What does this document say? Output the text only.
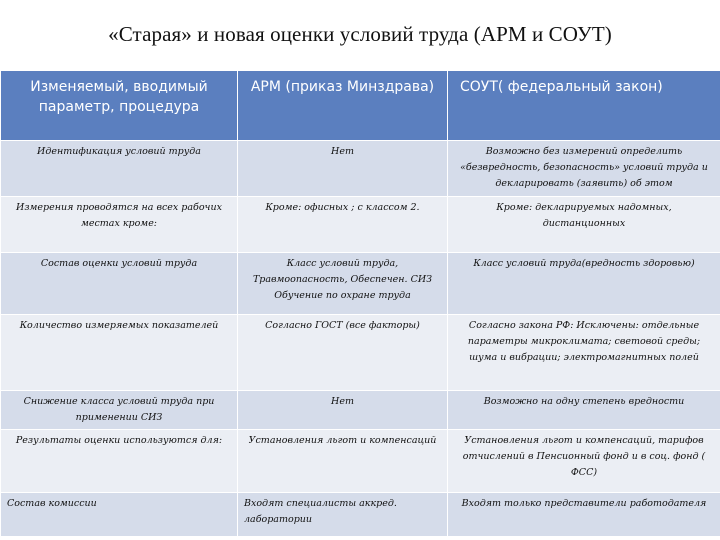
«Старая» и новая оценки условий труда (АРМ и СОУТ)
Изменяемый, вводимый параметр, процедура	АРМ (приказ Минздрава)	СОУТ( федеральный закон)
Идентификация условий труда	Нет	Возможно без измерений определить «безвредность, безопасность» условий труда и декларировать (заявить) об этом
Измерения проводятся на всех рабочих местах кроме:	Кроме: офисных ; с классом 2.	Кроме: декларируемых надомных, дистанционных
Состав оценки условий труда	Класс условий труда, Травмоопасность, Обеспечен. СИЗ Обучение по охране труда	Класс условий труда(вредность здоровью)
Количество измеряемых показателей	Согласно ГОСТ (все факторы)	Согласно закона РФ: Исключены: отдельные параметры микроклимата; световой среды; шума и вибрации; электромагнитных полей
Снижение класса условий труда при применении СИЗ	Нет	Возможно на одну степень вредности
Результаты оценки используются для:	Установления льгот и компенсаций	Установления льгот и компенсаций, тарифов отчислений в Пенсионный фонд и в соц. фонд ( ФСС)
Состав комиссии	Входят специалисты аккред. лаборатории	Входят только представители работодателя
